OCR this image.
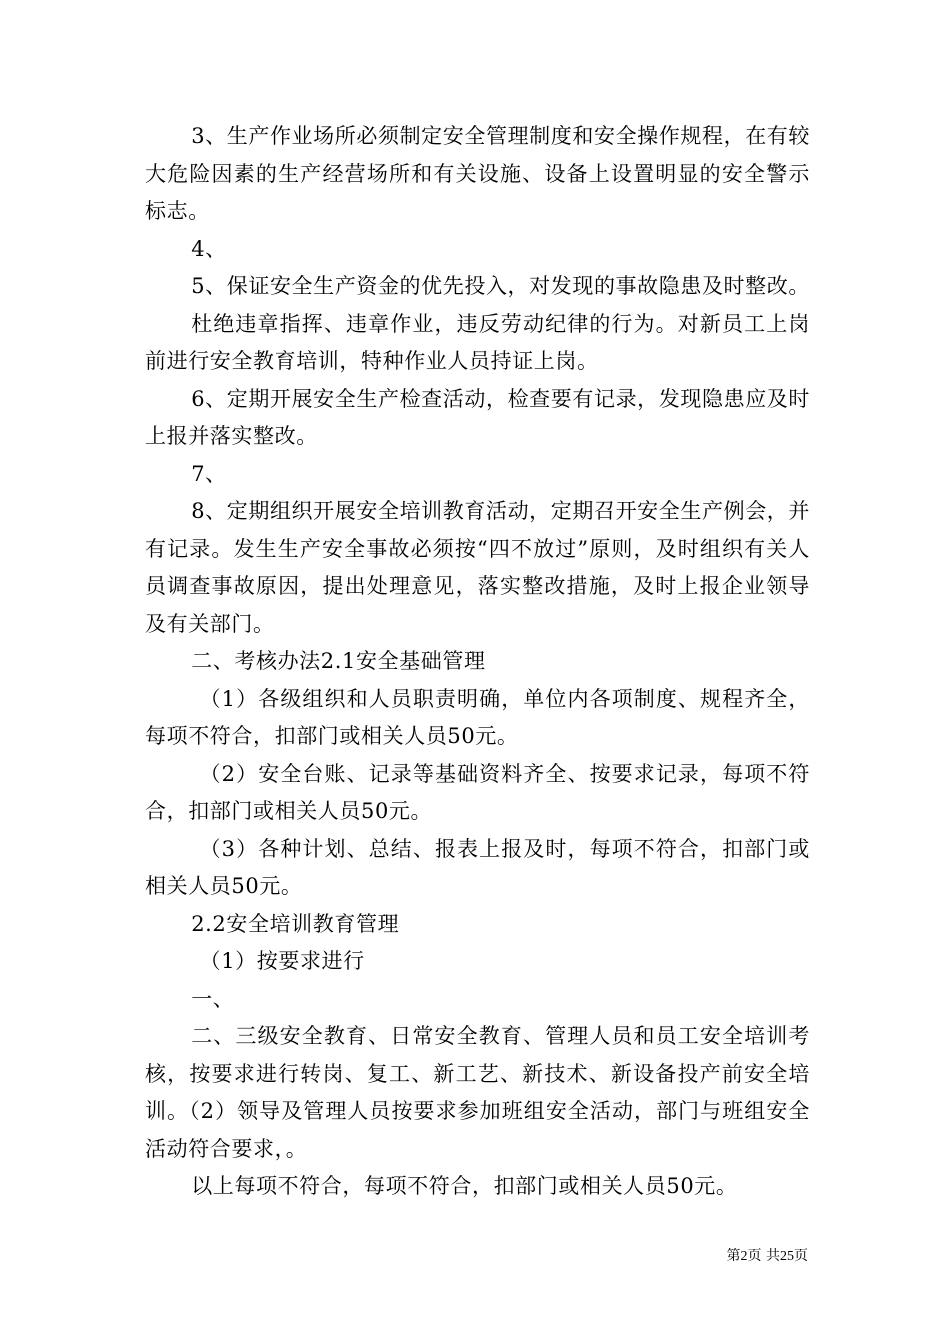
3、生产作业场所必须制定安全管理制度和安全操作规程，在有较大危险因素的生产经营场所和有关设施、设备上设置明显的安全警示标志。

4、

5、保证安全生产资金的优先投入，对发现的事故隐患及时整改。

杜绝违章指挥、违章作业，违反劳动纪律的行为。对新员工上岗前进行安全教育培训，特种作业人员持证上岗。

6、定期开展安全生产检查活动，检查要有记录，发现隐患应及时上报并落实整改。

7、

8、定期组织开展安全培训教育活动，定期召开安全生产例会，并有记录。发生生产安全事故必须按“四不放过”原则，及时组织有关人员调查事故原因，提出处理意见，落实整改措施，及时上报企业领导及有关部门。

二、考核办法2.1安全基础管理

（1）各级组织和人员职责明确，单位内各项制度、规程齐全，每项不符合，扣部门或相关人员50元。

（2）安全台账、记录等基础资料齐全、按要求记录，每项不符合，扣部门或相关人员50元。

（3）各种计划、总结、报表上报及时，每项不符合，扣部门或相关人员50元。

2.2安全培训教育管理

（1）按要求进行

一、

二、三级安全教育、日常安全教育、管理人员和员工安全培训考核，按要求进行转岗、复工、新工艺、新技术、新设备投产前安全培训。（2）领导及管理人员按要求参加班组安全活动，部门与班组安全活动符合要求，。

以上每项不符合，每项不符合，扣部门或相关人员50元。

第2页 共25页
